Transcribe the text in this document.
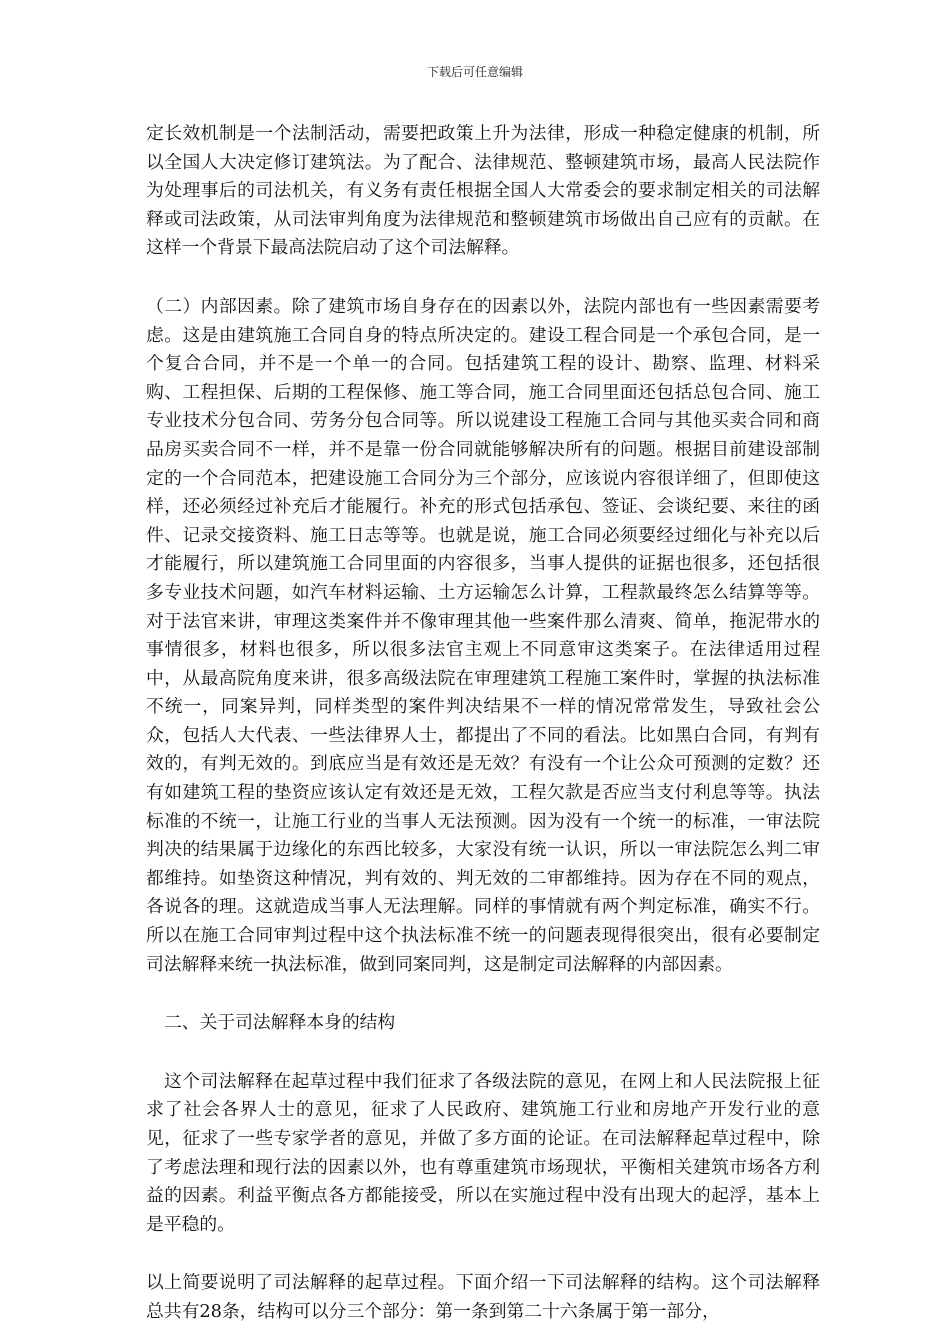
下载后可任意编辑

定长效机制是一个法制活动，需要把政策上升为法律，形成一种稳定健康的机制，所以全国人大决定修订建筑法。为了配合、法律规范、整顿建筑市场，最高人民法院作为处理事后的司法机关，有义务有责任根据全国人大常委会的要求制定相关的司法解释或司法政策，从司法审判角度为法律规范和整顿建筑市场做出自己应有的贡献。在这样一个背景下最高法院启动了这个司法解释。

（二）内部因素。除了建筑市场自身存在的因素以外，法院内部也有一些因素需要考虑。这是由建筑施工合同自身的特点所决定的。建设工程合同是一个承包合同，是一个复合合同，并不是一个单一的合同。包括建筑工程的设计、勘察、监理、材料采购、工程担保、后期的工程保修、施工等合同，施工合同里面还包括总包合同、施工专业技术分包合同、劳务分包合同等。所以说建设工程施工合同与其他买卖合同和商品房买卖合同不一样，并不是靠一份合同就能够解决所有的问题。根据目前建设部制定的一个合同范本，把建设施工合同分为三个部分，应该说内容很详细了，但即使这样，还必须经过补充后才能履行。补充的形式包括承包、签证、会谈纪要、来往的函件、记录交接资料、施工日志等等。也就是说，施工合同必须要经过细化与补充以后才能履行，所以建筑施工合同里面的内容很多，当事人提供的证据也很多，还包括很多专业技术问题，如汽车材料运输、土方运输怎么计算，工程款最终怎么结算等等。对于法官来讲，审理这类案件并不像审理其他一些案件那么清爽、简单，拖泥带水的事情很多，材料也很多，所以很多法官主观上不同意审这类案子。在法律适用过程中，从最高院角度来讲，很多高级法院在审理建筑工程施工案件时，掌握的执法标准不统一，同案异判，同样类型的案件判决结果不一样的情况常常发生，导致社会公众，包括人大代表、一些法律界人士，都提出了不同的看法。比如黑白合同，有判有效的，有判无效的。到底应当是有效还是无效？有没有一个让公众可预测的定数？还有如建筑工程的垫资应该认定有效还是无效，工程欠款是否应当支付利息等等。执法标准的不统一，让施工行业的当事人无法预测。因为没有一个统一的标准，一审法院判决的结果属于边缘化的东西比较多，大家没有统一认识，所以一审法院怎么判二审都维持。如垫资这种情况，判有效的、判无效的二审都维持。因为存在不同的观点，各说各的理。这就造成当事人无法理解。同样的事情就有两个判定标准，确实不行。所以在施工合同审判过程中这个执法标准不统一的问题表现得很突出，很有必要制定司法解释来统一执法标准，做到同案同判，这是制定司法解释的内部因素。

二、关于司法解释本身的结构

这个司法解释在起草过程中我们征求了各级法院的意见，在网上和人民法院报上征求了社会各界人士的意见，征求了人民政府、建筑施工行业和房地产开发行业的意见，征求了一些专家学者的意见，并做了多方面的论证。在司法解释起草过程中，除了考虑法理和现行法的因素以外，也有尊重建筑市场现状，平衡相关建筑市场各方利益的因素。利益平衡点各方都能接受，所以在实施过程中没有出现大的起浮，基本上是平稳的。

以上简要说明了司法解释的起草过程。下面介绍一下司法解释的结构。这个司法解释总共有28条，结构可以分三个部分：第一条到第二十六条属于第一部分，
